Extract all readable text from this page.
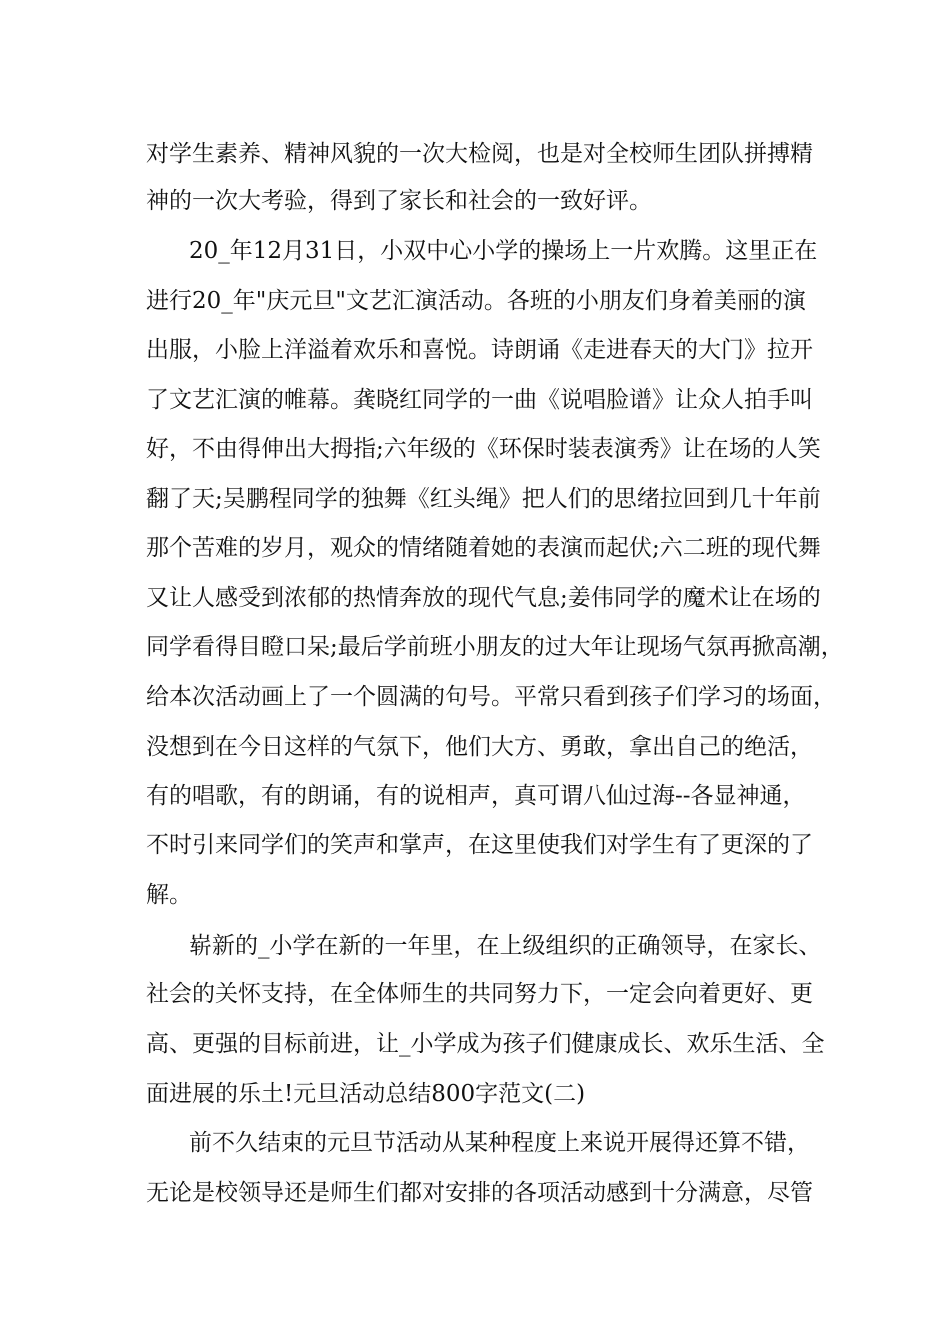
对学生素养、精神风貌的一次大检阅，也是对全校师生团队拼搏精
神的一次大考验，得到了家长和社会的一致好评。
20_年12月31日，小双中心小学的操场上一片欢腾。这里正在
进行20_年"庆元旦"文艺汇演活动。各班的小朋友们身着美丽的演
出服，小脸上洋溢着欢乐和喜悦。诗朗诵《走进春天的大门》拉开
了文艺汇演的帷幕。龚晓红同学的一曲《说唱脸谱》让众人拍手叫
好，不由得伸出大拇指;六年级的《环保时装表演秀》让在场的人笑
翻了天;吴鹏程同学的独舞《红头绳》把人们的思绪拉回到几十年前
那个苦难的岁月，观众的情绪随着她的表演而起伏;六二班的现代舞
又让人感受到浓郁的热情奔放的现代气息;姜伟同学的魔术让在场的
同学看得目瞪口呆;最后学前班小朋友的过大年让现场气氛再掀高潮，
给本次活动画上了一个圆满的句号。平常只看到孩子们学习的场面，
没想到在今日这样的气氛下，他们大方、勇敢，拿出自己的绝活，
有的唱歌，有的朗诵，有的说相声，真可谓八仙过海--各显神通，
不时引来同学们的笑声和掌声，在这里使我们对学生有了更深的了
解。
崭新的_小学在新的一年里，在上级组织的正确领导，在家长、
社会的关怀支持，在全体师生的共同努力下，一定会向着更好、更
高、更强的目标前进，让_小学成为孩子们健康成长、欢乐生活、全
面进展的乐土!元旦活动总结800字范文(二)
前不久结束的元旦节活动从某种程度上来说开展得还算不错，
无论是校领导还是师生们都对安排的各项活动感到十分满意，尽管
